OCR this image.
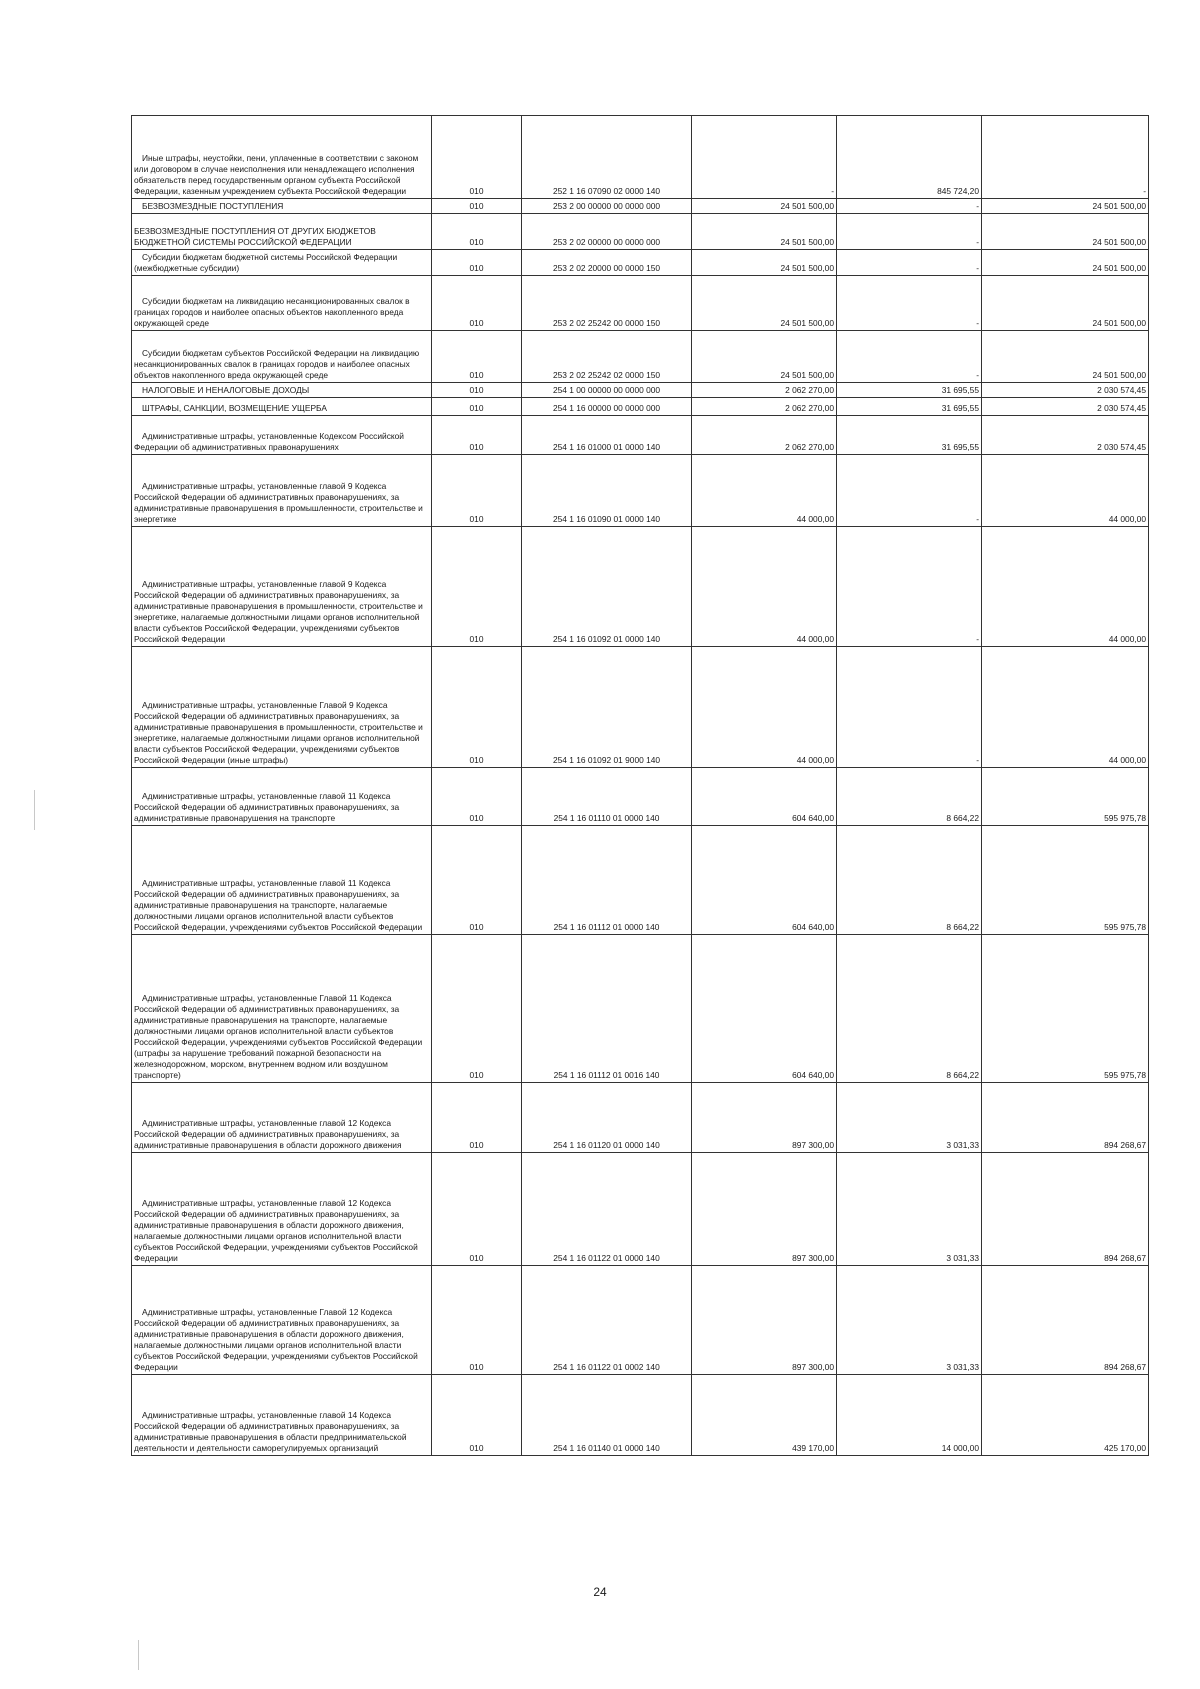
Иные штрафы, неустойки, пени, уплаченные в соответствии с законом или договором в случае неисполнения или ненадлежащего исполнения обязательств перед государственным органом субъекта Российской Федерации, казенным учреждением субъекта Российской Федерации	010	252 1 16 07090 02 0000 140	-	845 724,20	-
БЕЗВОЗМЕЗДНЫЕ ПОСТУПЛЕНИЯ	010	253 2 00 00000 00 0000 000	24 501 500,00	-	24 501 500,00
БЕЗВОЗМЕЗДНЫЕ ПОСТУПЛЕНИЯ ОТ ДРУГИХ БЮДЖЕТОВ БЮДЖЕТНОЙ СИСТЕМЫ РОССИЙСКОЙ ФЕДЕРАЦИИ	010	253 2 02 00000 00 0000 000	24 501 500,00	-	24 501 500,00
Субсидии бюджетам бюджетной системы Российской Федерации (межбюджетные субсидии)	010	253 2 02 20000 00 0000 150	24 501 500,00	-	24 501 500,00
Субсидии бюджетам на ликвидацию несанкционированных свалок в границах городов и наиболее опасных объектов накопленного вреда окружающей среде	010	253 2 02 25242 00 0000 150	24 501 500,00	-	24 501 500,00
Субсидии бюджетам субъектов Российской Федерации на ликвидацию несанкционированных свалок в границах городов и наиболее опасных объектов накопленного вреда окружающей среде	010	253 2 02 25242 02 0000 150	24 501 500,00	-	24 501 500,00
НАЛОГОВЫЕ И НЕНАЛОГОВЫЕ ДОХОДЫ	010	254 1 00 00000 00 0000 000	2 062 270,00	31 695,55	2 030 574,45
ШТРАФЫ, САНКЦИИ, ВОЗМЕЩЕНИЕ УЩЕРБА	010	254 1 16 00000 00 0000 000	2 062 270,00	31 695,55	2 030 574,45
Административные штрафы, установленные Кодексом Российской Федерации об административных правонарушениях	010	254 1 16 01000 01 0000 140	2 062 270,00	31 695,55	2 030 574,45
Административные штрафы, установленные главой 9 Кодекса Российской Федерации об административных правонарушениях, за административные правонарушения в промышленности, строительстве и энергетике	010	254 1 16 01090 01 0000 140	44 000,00	-	44 000,00
Административные штрафы, установленные главой 9 Кодекса Российской Федерации об административных правонарушениях, за административные правонарушения в промышленности, строительстве и энергетике, налагаемые должностными лицами органов исполнительной власти субъектов Российской Федерации, учреждениями субъектов Российской Федерации	010	254 1 16 01092 01 0000 140	44 000,00	-	44 000,00
Административные штрафы, установленные Главой 9 Кодекса Российской Федерации об административных правонарушениях, за административные правонарушения в промышленности, строительстве и энергетике, налагаемые должностными лицами органов исполнительной власти субъектов Российской Федерации, учреждениями субъектов Российской Федерации (иные штрафы)	010	254 1 16 01092 01 9000 140	44 000,00	-	44 000,00
Административные штрафы, установленные главой 11 Кодекса Российской Федерации об административных правонарушениях, за административные правонарушения на транспорте	010	254 1 16 01110 01 0000 140	604 640,00	8 664,22	595 975,78
Административные штрафы, установленные главой 11 Кодекса Российской Федерации об административных правонарушениях, за административные правонарушения на транспорте, налагаемые должностными лицами органов исполнительной власти субъектов Российской Федерации, учреждениями субъектов Российской Федерации	010	254 1 16 01112 01 0000 140	604 640,00	8 664,22	595 975,78
Административные штрафы, установленные Главой 11 Кодекса Российской Федерации об административных правонарушениях, за административные правонарушения на транспорте, налагаемые должностными лицами органов исполнительной власти субъектов Российской Федерации, учреждениями субъектов Российской Федерации (штрафы за нарушение требований пожарной безопасности на железнодорожном, морском, внутреннем водном или воздушном транспорте)	010	254 1 16 01112 01 0016 140	604 640,00	8 664,22	595 975,78
Административные штрафы, установленные главой 12 Кодекса Российской Федерации об административных правонарушениях, за административные правонарушения в области дорожного движения	010	254 1 16 01120 01 0000 140	897 300,00	3 031,33	894 268,67
Административные штрафы, установленные главой 12 Кодекса Российской Федерации об административных правонарушениях, за административные правонарушения в области дорожного движения, налагаемые должностными лицами органов исполнительной власти субъектов Российской Федерации, учреждениями субъектов Российской Федерации	010	254 1 16 01122 01 0000 140	897 300,00	3 031,33	894 268,67
Административные штрафы, установленные Главой 12 Кодекса Российской Федерации об административных правонарушениях, за административные правонарушения в области дорожного движения, налагаемые должностными лицами органов исполнительной власти субъектов Российской Федерации, учреждениями субъектов Российской Федерации	010	254 1 16 01122 01 0002 140	897 300,00	3 031,33	894 268,67
Административные штрафы, установленные главой 14 Кодекса Российской Федерации об административных правонарушениях, за административные правонарушения в области предпринимательской деятельности и деятельности саморегулируемых организаций	010	254 1 16 01140 01 0000 140	439 170,00	14 000,00	425 170,00
24
